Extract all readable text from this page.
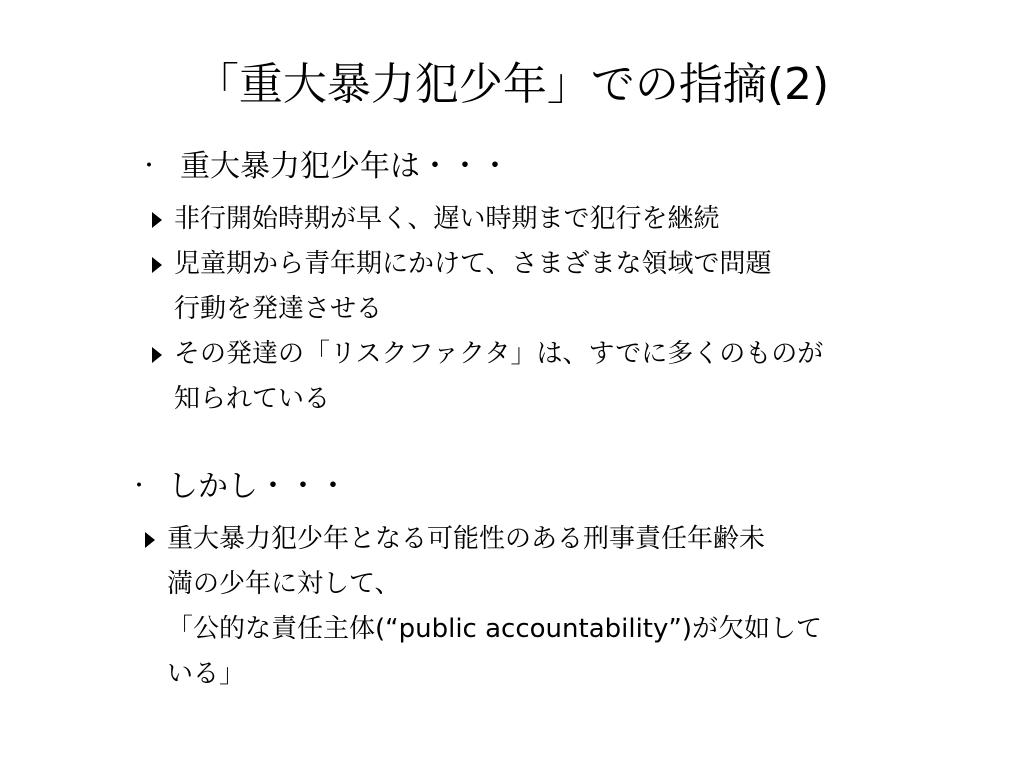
「重大暴力犯少年」での指摘(2)
・ 重大暴力犯少年は・・・
非行開始時期が早く、遅い時期まで犯行を継続
児童期から青年期にかけて、さまざまな領域で問題
行動を発達させる
その発達の「リスクファクタ」は、すでに多くのものが
知られている
・ しかし・・・
重大暴力犯少年となる可能性のある刑事責任年齢未
満の少年に対して、
「公的な責任主体(“public accountability”)が欠如して
いる」
